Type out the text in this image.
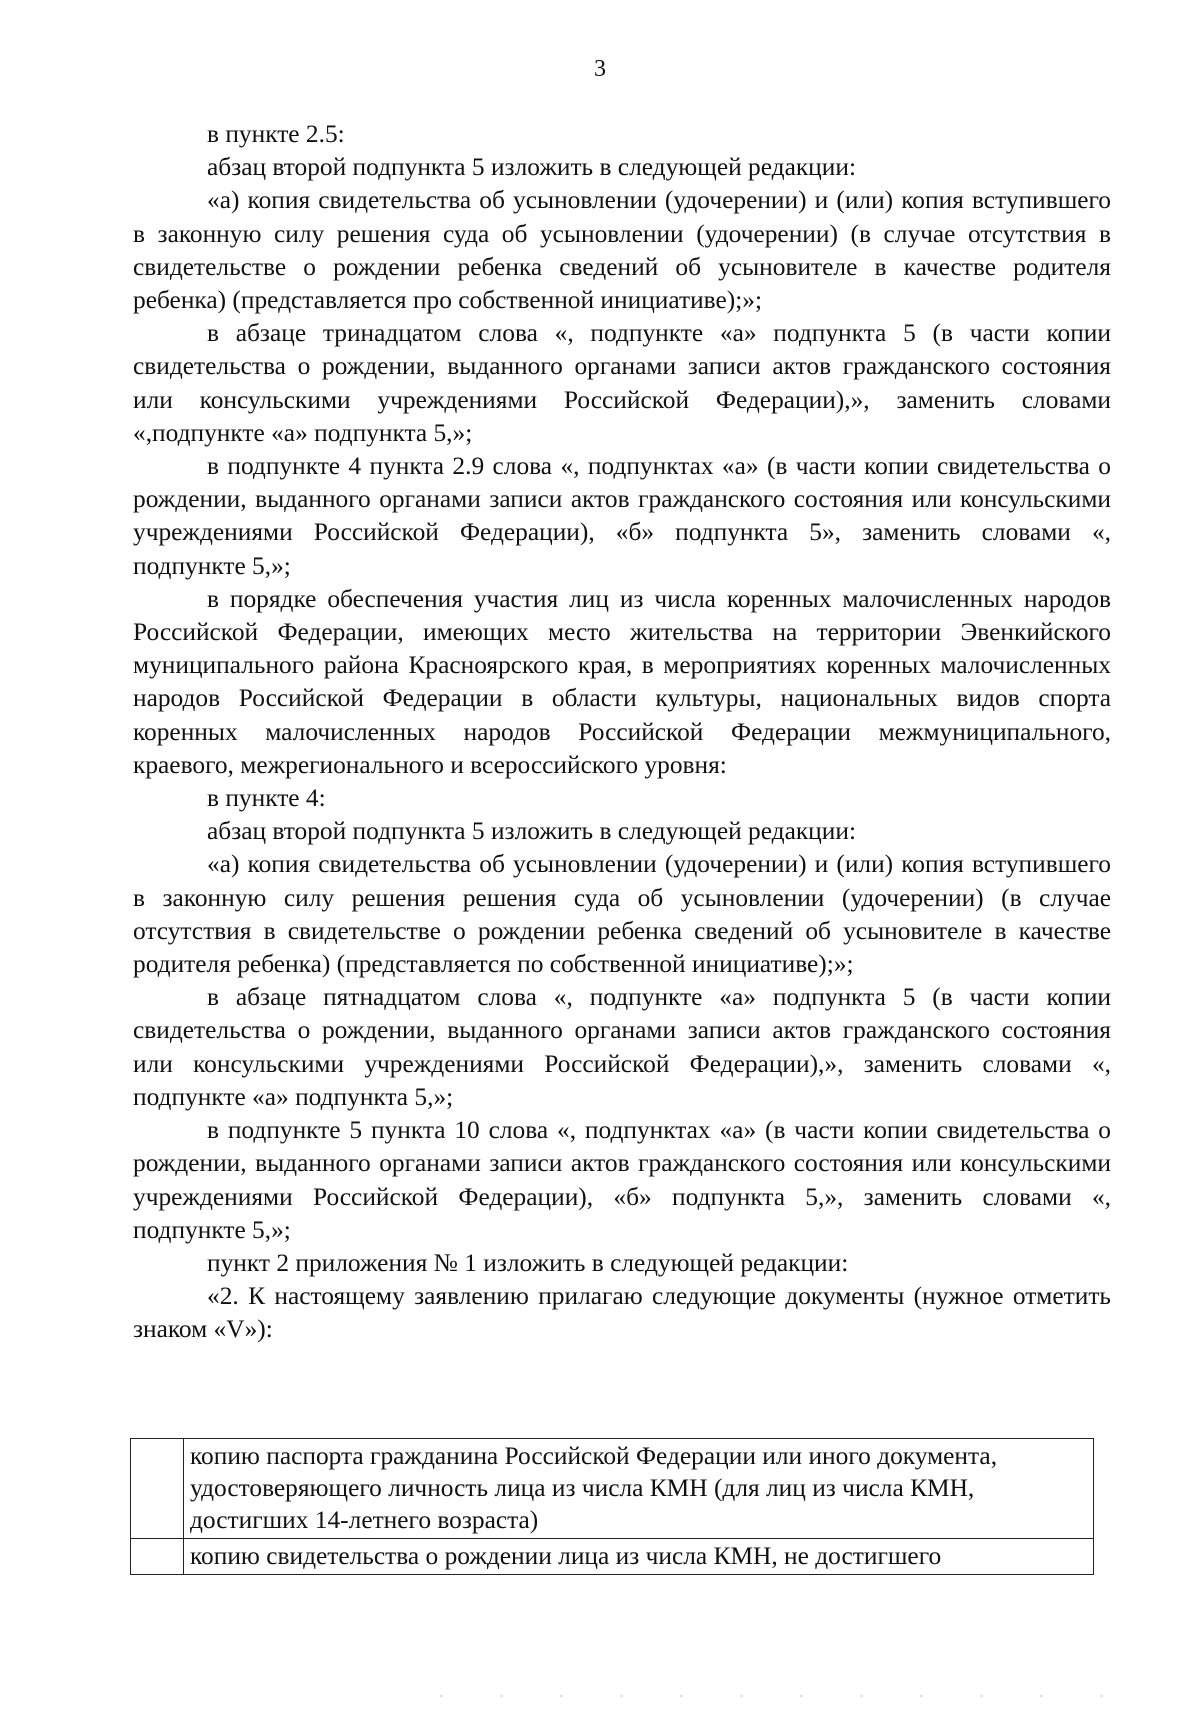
3

в пункте 2.5:

абзац второй подпункта 5 изложить в следующей редакции:

«а) копия свидетельства об усыновлении (удочерении) и (или) копия вступившего в законную силу решения суда об усыновлении (удочерении) (в случае отсутствия в свидетельстве о рождении ребенка сведений об усыновителе в качестве родителя ребенка) (представляется про собственной инициативе);»;

в абзаце тринадцатом слова «, подпункте «а» подпункта 5 (в части копии свидетельства о рождении, выданного органами записи актов гражданского состояния или консульскими учреждениями Российской Федерации),», заменить словами «,подпункте «а» подпункта 5,»;

в подпункте 4 пункта 2.9 слова «, подпунктах «а» (в части копии свидетельства о рождении, выданного органами записи актов гражданского состояния или консульскими учреждениями Российской Федерации), «б» подпункта 5», заменить словами «, подпункте 5,»;

в порядке обеспечения участия лиц из числа коренных малочисленных народов Российской Федерации, имеющих место жительства на территории Эвенкийского муниципального района Красноярского края, в мероприятиях коренных малочисленных народов Российской Федерации в области культуры, национальных видов спорта коренных малочисленных народов Российской Федерации межмуниципального, краевого, межрегионального и всероссийского уровня:

в пункте 4:

абзац второй подпункта 5 изложить в следующей редакции:

«а) копия свидетельства об усыновлении (удочерении) и (или) копия вступившего в законную силу решения решения суда об усыновлении (удочерении) (в случае отсутствия в свидетельстве о рождении ребенка сведений об усыновителе в качестве родителя ребенка) (представляется по собственной инициативе);»;

в абзаце пятнадцатом слова «, подпункте «а» подпункта 5 (в части копии свидетельства о рождении, выданного органами записи актов гражданского состояния или консульскими учреждениями Российской Федерации),», заменить словами «, подпункте «а» подпункта 5,»;

в подпункте 5 пункта 10 слова «, подпунктах «а» (в части копии свидетельства о рождении, выданного органами записи актов гражданского состояния или консульскими учреждениями Российской Федерации), «б» подпункта 5,», заменить словами «, подпункте 5,»;

пункт 2 приложения № 1 изложить в следующей редакции:

«2. К настоящему заявлению прилагаю следующие документы (нужное отметить знаком «V»):

	копию паспорта гражданина Российской Федерации или иного документа, удостоверяющего личность лица из числа КМН (для лиц из числа КМН, достигших 14-летнего возраста)
	копию свидетельства о рождении лица из числа КМН, не достигшего
